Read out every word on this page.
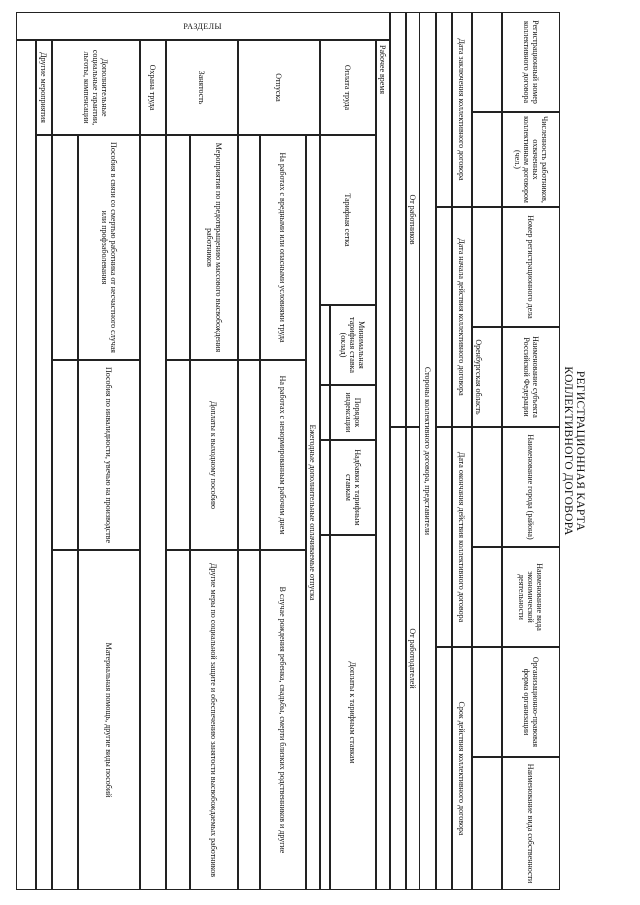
РЕГИСТРАЦИОННАЯ КАРТА
КОЛЛЕКТИВНОГО ДОГОВОРА
Регистрационный номер коллективного договора
Численность работников, охваченных коллективным договором (чел.)
Номер регистрационного дела
Наименование субъекта Российской Федерации
Наименование города (района)
Наименование вида экономической деятельности
Организационно-правовая форма организации
Наименование вида собственности
Оренбургская область
Дата заключения коллективного договора
Дата начала действия коллективного договора
Дата окончания действия коллективного договора
Срок действия коллективного договора
Стороны коллективного договора, представители
От работников
От работодателей
РАЗДЕЛЫ
Рабочее время
Оплата труда
Тарифная сетка
Минимальная тарифная ставка (оклад)
Порядок индексации
Надбавки к тарифным ставкам
Доплаты к тарифным ставкам
Отпуска
Ежегодные дополнительные оплачиваемые отпуска
На работах с вредными или опасными условиями труда
На работах с ненормированным рабочим днем
В случае рождения ребенка, свадьбы, смерти близких родственников и другие
Занятость
Мероприятия по предотвращению массового высвобождения работников
Доплаты к выходному пособию
Другие меры по социальной защите и обеспечению занятости высвобождаемых работников
Охрана труда
Дополнительные социальные гарантии, льготы, компенсации
Пособия в связи со смертью работника от несчастного случая или профзаболевания
Пособия по инвалидности, увечью на производстве
Материальная помощь, другие виды пособий
Другие мероприятия
